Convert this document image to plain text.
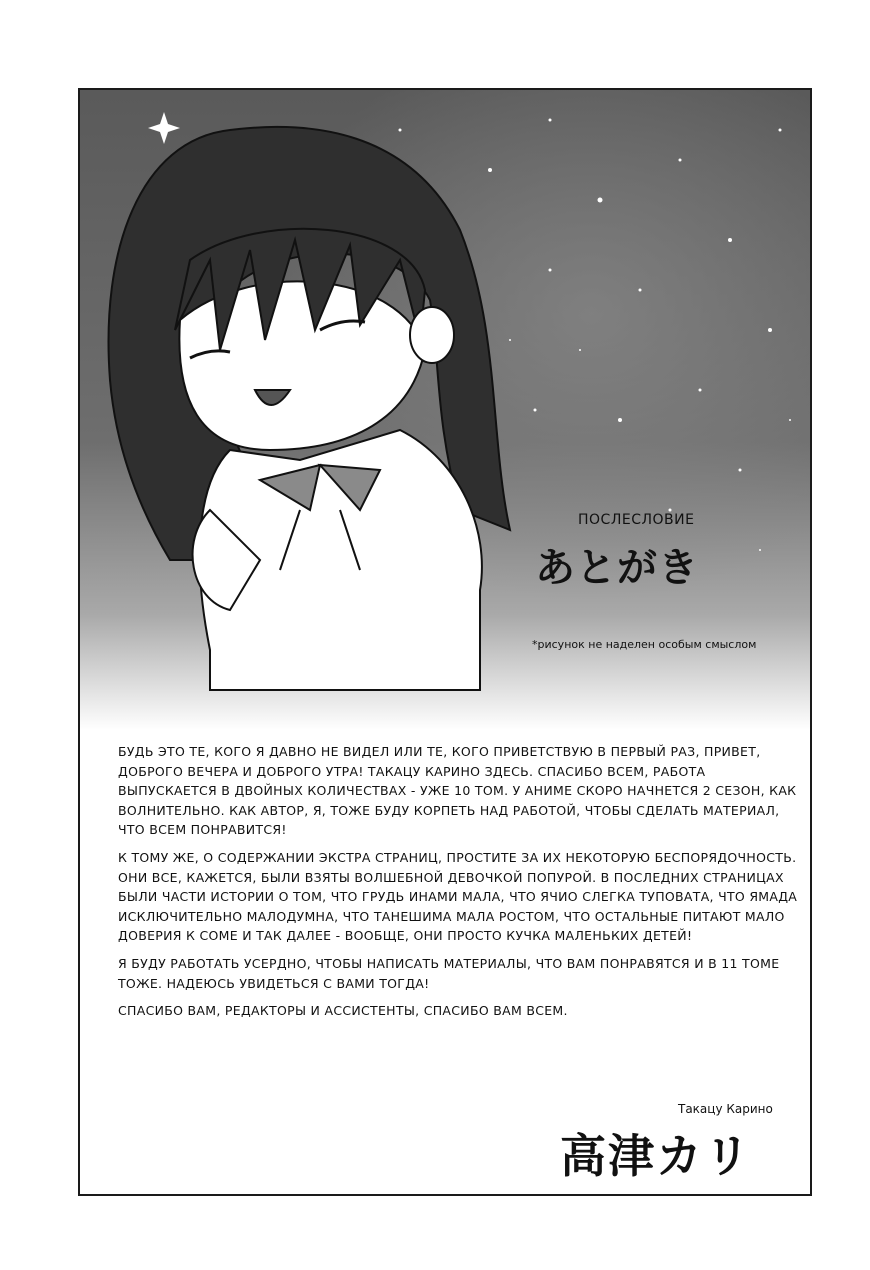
ПОСЛЕСЛОВИЕ
あとがき
*рисунок не наделен особым смыслом

БУДЬ ЭТО ТЕ, КОГО Я ДАВНО НЕ ВИДЕЛ ИЛИ ТЕ, КОГО ПРИВЕТСТВУЮ В ПЕРВЫЙ РАЗ, ПРИВЕТ, ДОБРОГО ВЕЧЕРА И ДОБРОГО УТРА! ТАКАЦУ КАРИНО ЗДЕСЬ. СПАСИБО ВСЕМ, РАБОТА ВЫПУСКАЕТСЯ В ДВОЙНЫХ КОЛИЧЕСТВАХ - УЖЕ 10 ТОМ. У АНИМЕ СКОРО НАЧНЕТСЯ 2 СЕЗОН, КАК ВОЛНИТЕЛЬНО. КАК АВТОР, Я, ТОЖЕ БУДУ КОРПЕТЬ НАД РАБОТОЙ, ЧТОБЫ СДЕЛАТЬ МАТЕРИАЛ, ЧТО ВСЕМ ПОНРАВИТСЯ!

К ТОМУ ЖЕ, О СОДЕРЖАНИИ ЭКСТРА СТРАНИЦ, ПРОСТИТЕ ЗА ИХ НЕКОТОРУЮ БЕСПОРЯДОЧНОСТЬ. ОНИ ВСЕ, КАЖЕТСЯ, БЫЛИ ВЗЯТЫ ВОЛШЕБНОЙ ДЕВОЧКОЙ ПОПУРОЙ. В ПОСЛЕДНИХ СТРАНИЦАХ БЫЛИ ЧАСТИ ИСТОРИИ О ТОМ, ЧТО ГРУДЬ ИНАМИ МАЛА, ЧТО ЯЧИО СЛЕГКА ТУПОВАТА, ЧТО ЯМАДА ИСКЛЮЧИТЕЛЬНО МАЛОДУМНА, ЧТО ТАНЕШИМА МАЛА РОСТОМ, ЧТО ОСТАЛЬНЫЕ ПИТАЮТ МАЛО ДОВЕРИЯ К СОМЕ И ТАК ДАЛЕЕ - ВООБЩЕ, ОНИ ПРОСТО КУЧКА МАЛЕНЬКИХ ДЕТЕЙ!

Я БУДУ РАБОТАТЬ УСЕРДНО, ЧТОБЫ НАПИСАТЬ МАТЕРИАЛЫ, ЧТО ВАМ ПОНРАВЯТСЯ И В 11 ТОМЕ ТОЖЕ. НАДЕЮСЬ УВИДЕТЬСЯ С ВАМИ ТОГДА!

СПАСИБО ВАМ, РЕДАКТОРЫ И АССИСТЕНТЫ, СПАСИБО ВАМ ВСЕМ.

Такацу Карино
高津カリ
